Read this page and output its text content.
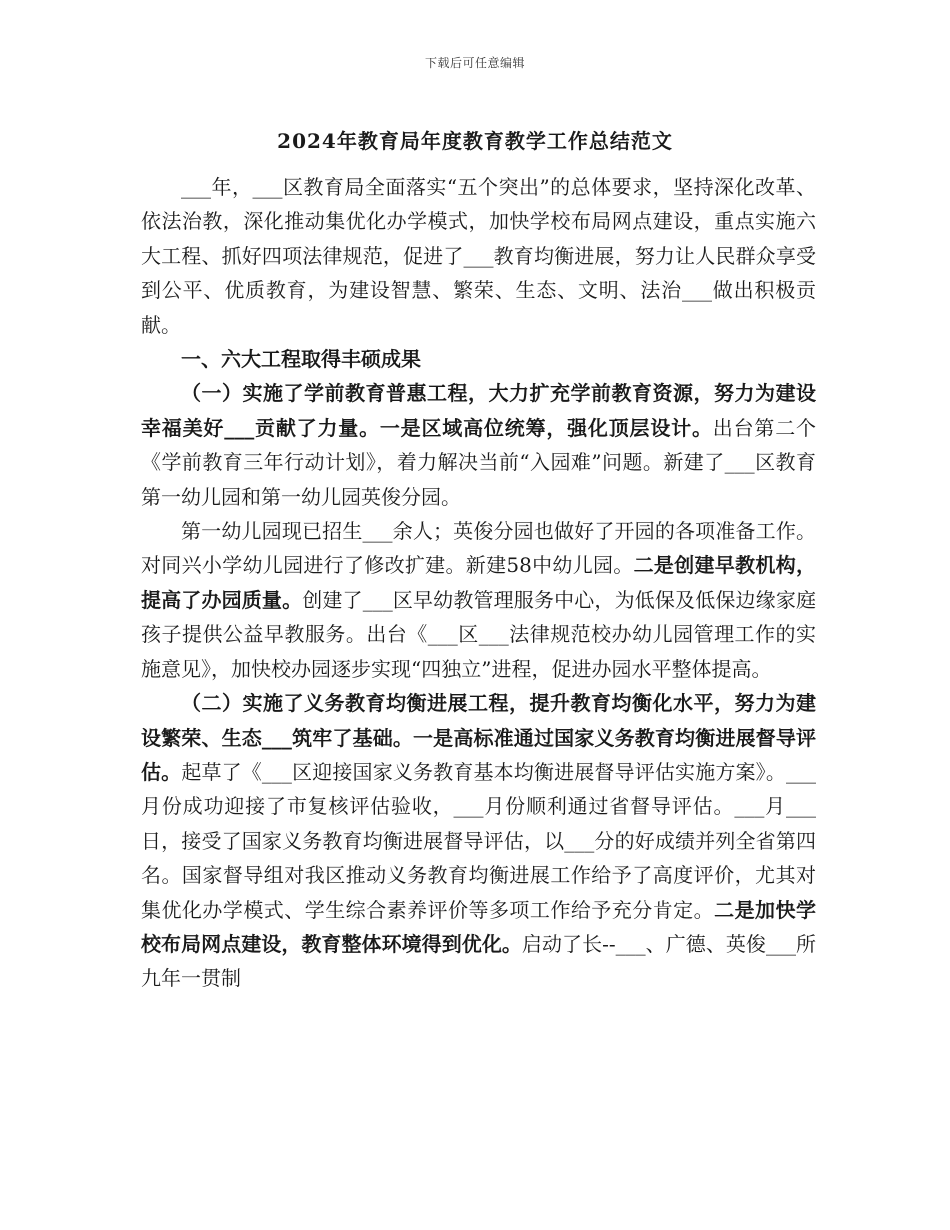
下载后可任意编辑
2024年教育局年度教育教学工作总结范文

___年，___区教育局全面落实“五个突出”的总体要求，坚持深化改革、依法治教，深化推动集优化办学模式，加快学校布局网点建设，重点实施六大工程、抓好四项法律规范，促进了___教育均衡进展，努力让人民群众享受到公平、优质教育，为建设智慧、繁荣、生态、文明、法治___做出积极贡献。

一、六大工程取得丰硕成果

（一）实施了学前教育普惠工程，大力扩充学前教育资源，努力为建设幸福美好___贡献了力量。一是区域高位统筹，强化顶层设计。出台第二个《学前教育三年行动计划》，着力解决当前“入园难”问题。新建了___区教育第一幼儿园和第一幼儿园英俊分园。

第一幼儿园现已招生___余人；英俊分园也做好了开园的各项准备工作。对同兴小学幼儿园进行了修改扩建。新建58中幼儿园。二是创建早教机构，提高了办园质量。创建了___区早幼教管理服务中心，为低保及低保边缘家庭孩子提供公益早教服务。出台《___区___法律规范校办幼儿园管理工作的实施意见》，加快校办园逐步实现“四独立”进程，促进办园水平整体提高。

（二）实施了义务教育均衡进展工程，提升教育均衡化水平，努力为建设繁荣、生态___筑牢了基础。一是高标准通过国家义务教育均衡进展督导评估。起草了《___区迎接国家义务教育基本均衡进展督导评估实施方案》。___月份成功迎接了市复核评估验收，___月份顺利通过省督导评估。___月___日，接受了国家义务教育均衡进展督导评估，以___分的好成绩并列全省第四名。国家督导组对我区推动义务教育均衡进展工作给予了高度评价，尤其对集优化办学模式、学生综合素养评价等多项工作给予充分肯定。二是加快学校布局网点建设，教育整体环境得到优化。启动了长--___、广德、英俊___所九年一贯制
